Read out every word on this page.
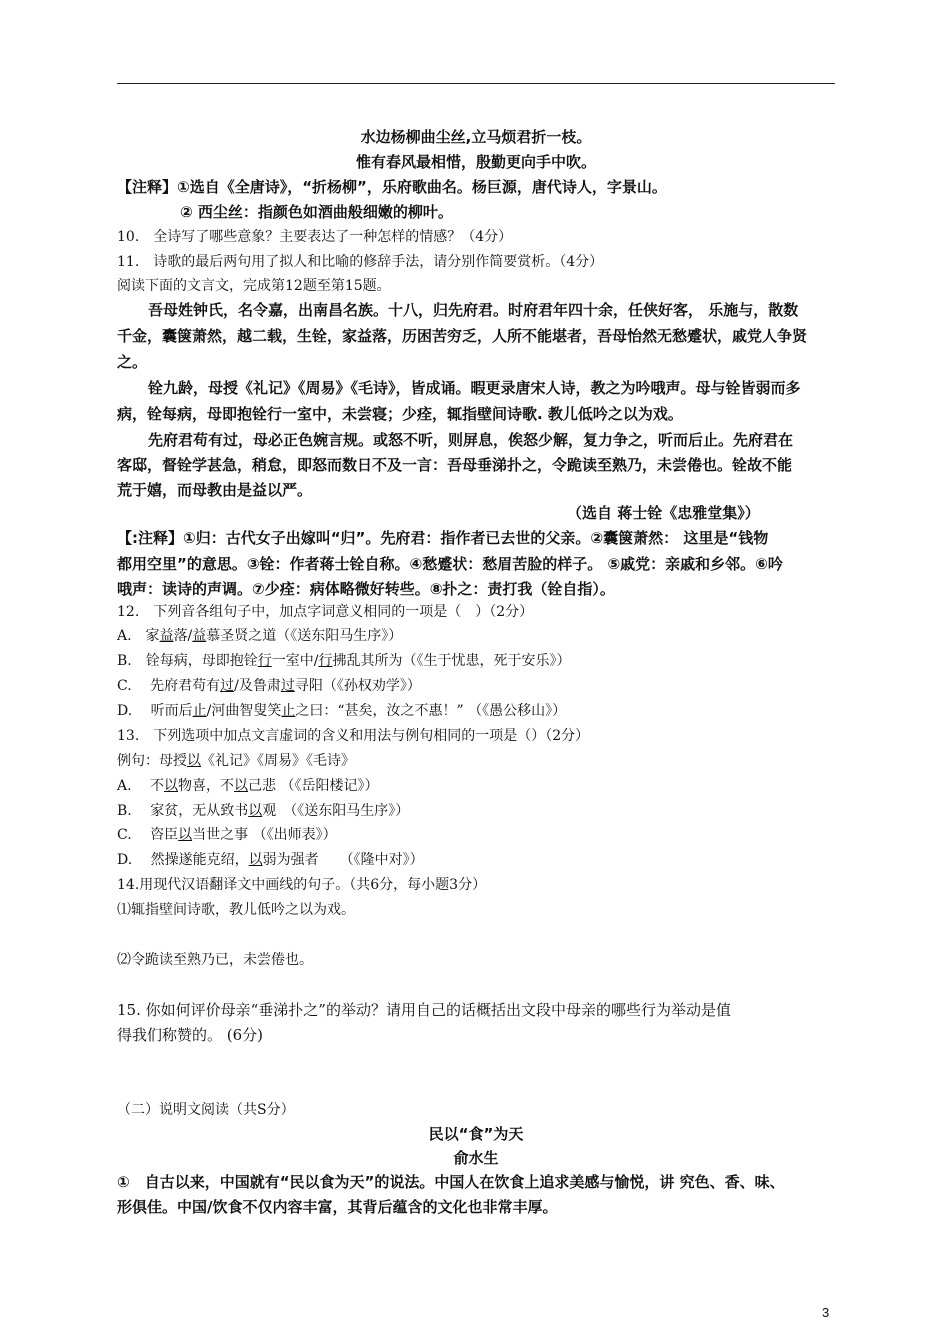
水边杨柳曲尘丝,立马烦君折一枝。
惟有春风最相惜，殷勤更向手中吹。
【注释】①选自《全唐诗》，“折杨柳”，乐府歌曲名。杨巨源，唐代诗人，字景山。
② 西尘丝：指颜色如酒曲般细嫩的柳叶。
10.　全诗写了哪些意象？主要表达了一种怎样的情感？（4分）
11.　诗歌的最后两句用了拟人和比喻的修辞手法，请分别作简要赏析。（4分）
阅读下面的文言文，完成第12题至第15题。
吾母姓钟氏，名令嘉，出南昌名族。十八，归先府君。时府君年四十余，任侠好客， 乐施与，散数
千金，囊箧萧然，越二载，生铨，家益落，历困苦穷乏，人所不能堪者，吾母怡然无愁蹙状，戚党人争贤
之。
铨九龄，母授《礼记》《周易》《毛诗》，皆成诵。暇更录唐宋人诗，教之为吟哦声。母与铨皆弱而多
病，铨每病，母即抱铨行一室中，未尝寝；少痊，辄指壁间诗歌. 教儿低吟之以为戏。
先府君苟有过，母必正色婉言规。或怒不听，则屏息，俟怒少解，复力争之，听而后止。先府君在
客邸，督铨学甚急，稍怠，即怒而数日不及一言：吾母垂涕扑之，令跪读至熟乃，未尝倦也。铨故不能
荒于嬉，而母教由是益以严。
（选自 蒋士铨《忠雅堂集》）
【:注释】①归：古代女子出嫁叫“归”。先府君：指作者已去世的父亲。②囊箧萧然： 这里是“钱物
都用空里”的意思。③铨：作者蒋士铨自称。④愁蹙状：愁眉苦脸的样子。 ⑤戚党：亲戚和乡邻。⑥吟
哦声：读诗的声调。⑦少痊：病体略微好转些。⑧扑之：责打我（铨自指）。
12.　下列音各组句子中，加点字词意义相同的一项是（　）（2分）
A.　家益落/益慕圣贤之道（《送东阳马生序》）
B.　铨每病，母即抱铨行一室中/行拂乱其所为（《生于忧患，死于安乐》）
C.　 先府君苟有过/及鲁肃过寻阳（《孙权劝学》）
D.　 听而后止/河曲智叟笑止之曰：“甚矣，汝之不惠！” （《愚公移山》）
13.　下列选项中加点文言虚词的含义和用法与例句相同的一项是（）（2分）
例句：母授以《礼记》《周易》《毛诗》
A.　 不以物喜，不以己悲 （《岳阳楼记》）
B.　 家贫，无从致书以观　（《送东阳马生序》）
C.　 咨臣以当世之事 （《出师表》）
D.　 然操遂能克绍，以弱为强者　　（《隆中对》）
14.用现代汉语翻译文中画线的句子。（共6分，每小题3分）
⑴辄指壁间诗歌，教儿低吟之以为戏。
⑵令跪读至熟乃已，未尝倦也。
15. 你如何评价母亲“垂涕扑之”的举动？请用自己的话概括出文段中母亲的哪些行为举动是值
得我们称赞的。 (6分)
（二）说明文阅读（共S分）
民以“食”为天
俞水生
①　自古以来，中国就有“民以食为天”的说法。中国人在饮食上追求美感与愉悦，讲 究色、香、味、
形俱佳。中国/饮食不仅内容丰富，其背后蕴含的文化也非常丰厚。
3
